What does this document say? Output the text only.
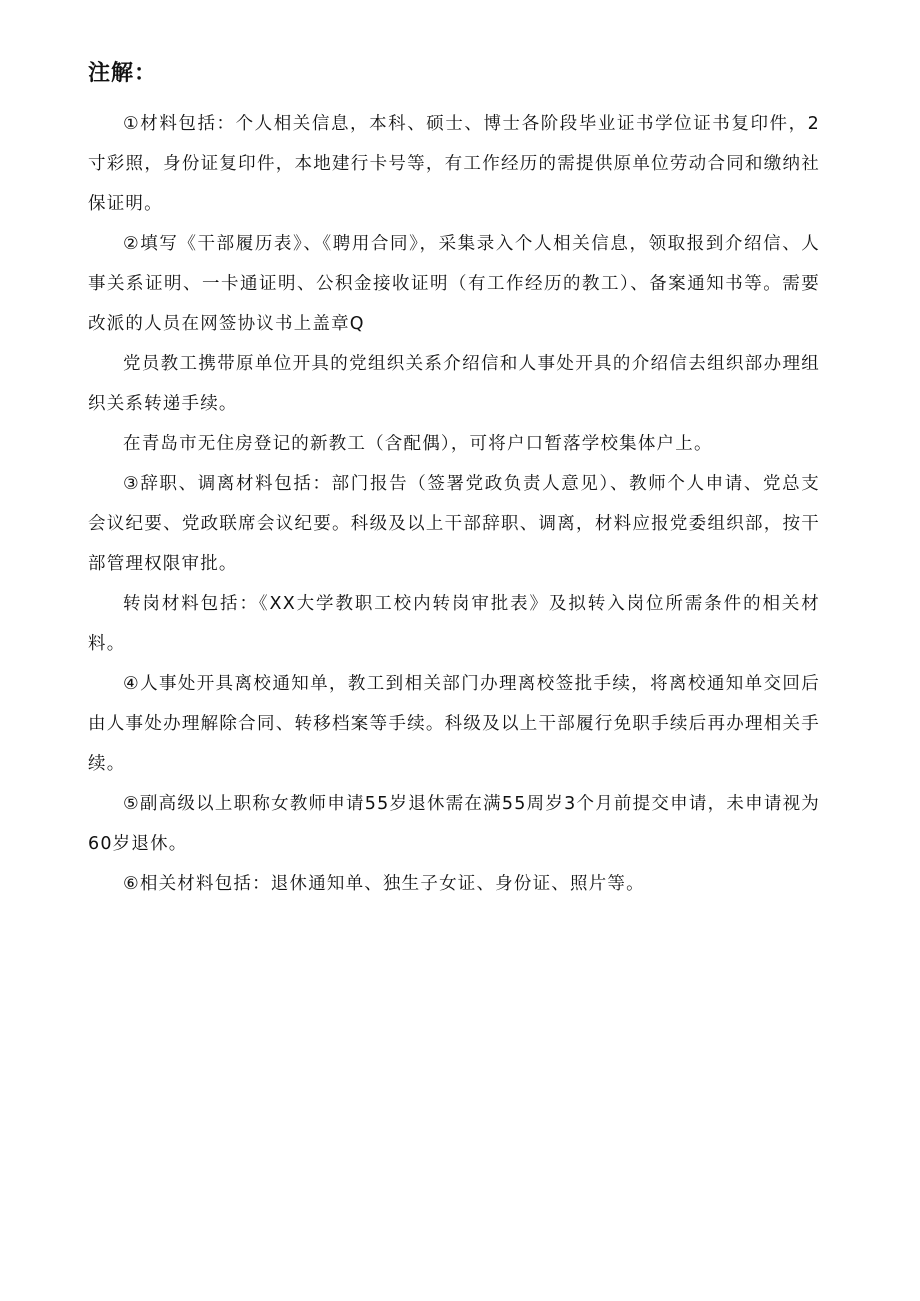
注解：

①材料包括：个人相关信息，本科、硕士、博士各阶段毕业证书学位证书复印件，2寸彩照，身份证复印件，本地建行卡号等，有工作经历的需提供原单位劳动合同和缴纳社保证明。

②填写《干部履历表》、《聘用合同》，采集录入个人相关信息，领取报到介绍信、人事关系证明、一卡通证明、公积金接收证明（有工作经历的教工）、备案通知书等。需要改派的人员在网签协议书上盖章Q

党员教工携带原单位开具的党组织关系介绍信和人事处开具的介绍信去组织部办理组织关系转递手续。

在青岛市无住房登记的新教工（含配偶），可将户口暂落学校集体户上。

③辞职、调离材料包括：部门报告（签署党政负责人意见）、教师个人申请、党总支会议纪要、党政联席会议纪要。科级及以上干部辞职、调离，材料应报党委组织部，按干部管理权限审批。

转岗材料包括：《XX大学教职工校内转岗审批表》及拟转入岗位所需条件的相关材料。

④人事处开具离校通知单，教工到相关部门办理离校签批手续，将离校通知单交回后由人事处办理解除合同、转移档案等手续。科级及以上干部履行免职手续后再办理相关手续。

⑤副高级以上职称女教师申请55岁退休需在满55周岁3个月前提交申请，未申请视为60岁退休。

⑥相关材料包括：退休通知单、独生子女证、身份证、照片等。
